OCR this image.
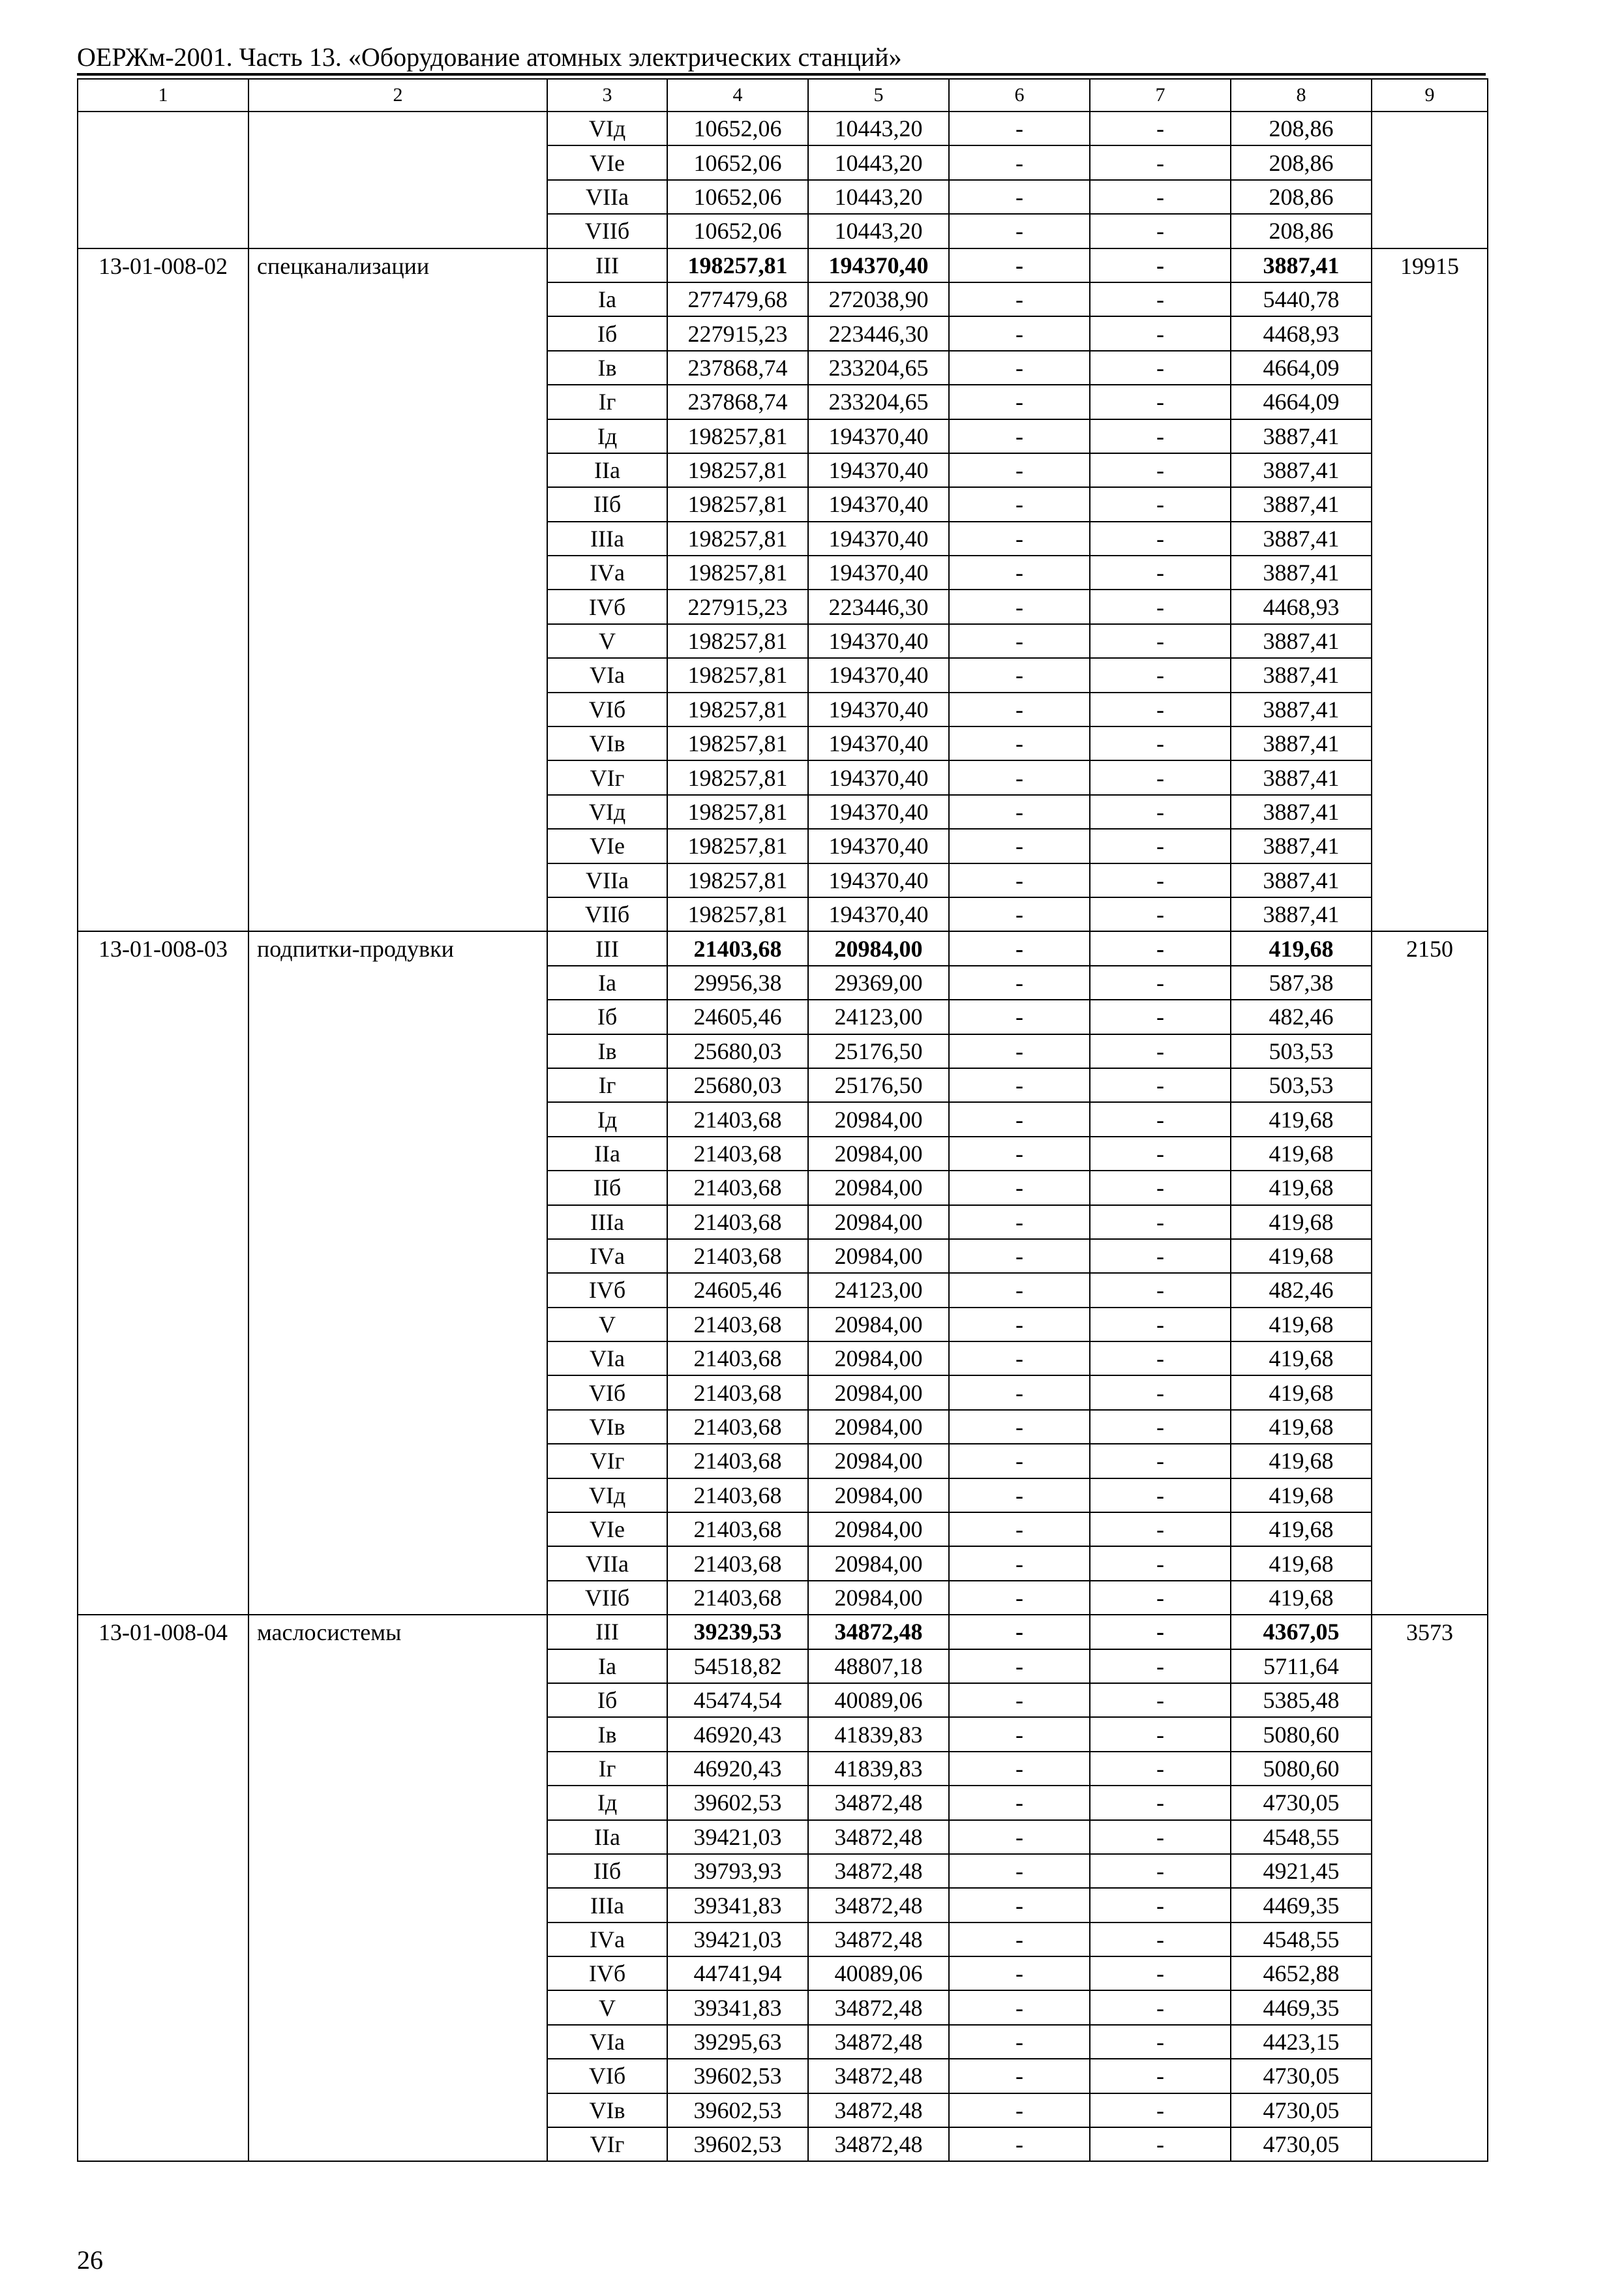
ОЕРЖм-2001. Часть 13. «Оборудование атомных электрических станций»
1	2	3	4	5	6	7	8	9
		VIд	10652,06	10443,20	-	-	208,86	
		VIе	10652,06	10443,20	-	-	208,86	
		VIIа	10652,06	10443,20	-	-	208,86	
		VIIб	10652,06	10443,20	-	-	208,86	
13-01-008-02	спецканализации	III	198257,81	194370,40	-	-	3887,41	19915
		Iа	277479,68	272038,90	-	-	5440,78	
		Iб	227915,23	223446,30	-	-	4468,93	
		Iв	237868,74	233204,65	-	-	4664,09	
		Iг	237868,74	233204,65	-	-	4664,09	
		Iд	198257,81	194370,40	-	-	3887,41	
		IIа	198257,81	194370,40	-	-	3887,41	
		IIб	198257,81	194370,40	-	-	3887,41	
		IIIа	198257,81	194370,40	-	-	3887,41	
		IVа	198257,81	194370,40	-	-	3887,41	
		IVб	227915,23	223446,30	-	-	4468,93	
		V	198257,81	194370,40	-	-	3887,41	
		VIа	198257,81	194370,40	-	-	3887,41	
		VIб	198257,81	194370,40	-	-	3887,41	
		VIв	198257,81	194370,40	-	-	3887,41	
		VIг	198257,81	194370,40	-	-	3887,41	
		VIд	198257,81	194370,40	-	-	3887,41	
		VIе	198257,81	194370,40	-	-	3887,41	
		VIIа	198257,81	194370,40	-	-	3887,41	
		VIIб	198257,81	194370,40	-	-	3887,41	
13-01-008-03	подпитки-продувки	III	21403,68	20984,00	-	-	419,68	2150
		Iа	29956,38	29369,00	-	-	587,38	
		Iб	24605,46	24123,00	-	-	482,46	
		Iв	25680,03	25176,50	-	-	503,53	
		Iг	25680,03	25176,50	-	-	503,53	
		Iд	21403,68	20984,00	-	-	419,68	
		IIа	21403,68	20984,00	-	-	419,68	
		IIб	21403,68	20984,00	-	-	419,68	
		IIIа	21403,68	20984,00	-	-	419,68	
		IVа	21403,68	20984,00	-	-	419,68	
		IVб	24605,46	24123,00	-	-	482,46	
		V	21403,68	20984,00	-	-	419,68	
		VIа	21403,68	20984,00	-	-	419,68	
		VIб	21403,68	20984,00	-	-	419,68	
		VIв	21403,68	20984,00	-	-	419,68	
		VIг	21403,68	20984,00	-	-	419,68	
		VIд	21403,68	20984,00	-	-	419,68	
		VIе	21403,68	20984,00	-	-	419,68	
		VIIа	21403,68	20984,00	-	-	419,68	
		VIIб	21403,68	20984,00	-	-	419,68	
13-01-008-04	маслосистемы	III	39239,53	34872,48	-	-	4367,05	3573
		Iа	54518,82	48807,18	-	-	5711,64	
		Iб	45474,54	40089,06	-	-	5385,48	
		Iв	46920,43	41839,83	-	-	5080,60	
		Iг	46920,43	41839,83	-	-	5080,60	
		Iд	39602,53	34872,48	-	-	4730,05	
		IIа	39421,03	34872,48	-	-	4548,55	
		IIб	39793,93	34872,48	-	-	4921,45	
		IIIа	39341,83	34872,48	-	-	4469,35	
		IVа	39421,03	34872,48	-	-	4548,55	
		IVб	44741,94	40089,06	-	-	4652,88	
		V	39341,83	34872,48	-	-	4469,35	
		VIа	39295,63	34872,48	-	-	4423,15	
		VIб	39602,53	34872,48	-	-	4730,05	
		VIв	39602,53	34872,48	-	-	4730,05	
		VIг	39602,53	34872,48	-	-	4730,05	
26
